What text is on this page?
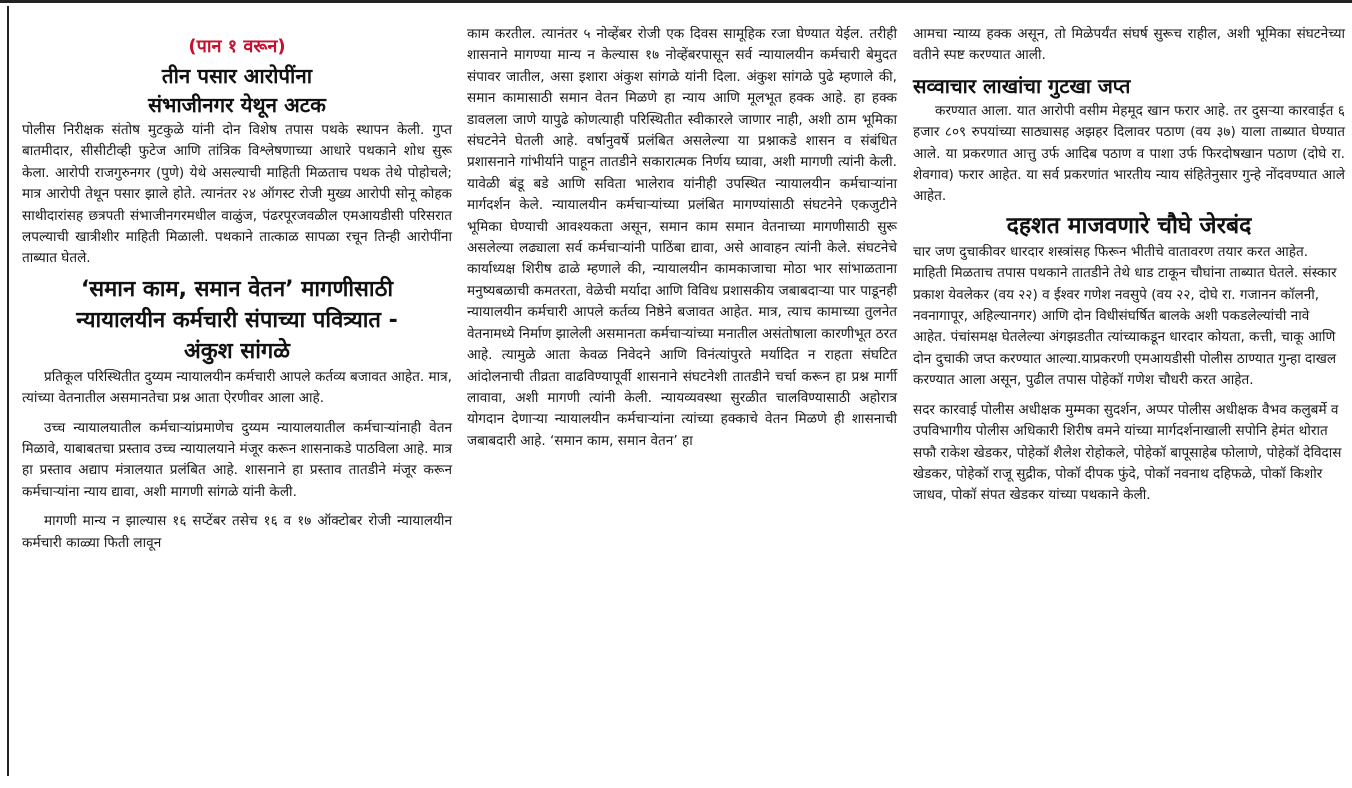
(पान १ वरून)
तीन पसार आरोपींना
संभाजीनगर येथून अटक

पोलीस निरीक्षक संतोष मुटकुळे यांनी दोन विशेष तपास पथके स्थापन केली. गुप्त बातमीदार, सीसीटीव्ही फुटेज आणि तांत्रिक विश्लेषणाच्या आधारे पथकाने शोध सुरू केला. आरोपी राजगुरुनगर (पुणे) येथे असल्याची माहिती मिळताच पथक तेथे पोहोचले; मात्र आरोपी तेथून पसार झाले होते. त्यानंतर २४ ऑगस्ट रोजी मुख्य आरोपी सोनू कोहक साथीदारांसह छत्रपती संभाजीनगरमधील वाळुंज, पंढरपूरजवळील एमआयडीसी परिसरात लपल्याची खात्रीशीर माहिती मिळाली. पथकाने तात्काळ सापळा रचून तिन्ही आरोपींना ताब्यात घेतले.

‘समान काम, समान वेतन’ मागणीसाठी
न्यायालयीन कर्मचारी संपाच्या पवित्र्यात -
अंकुश सांगळे

प्रतिकूल परिस्थितीत दुय्यम न्यायालयीन कर्मचारी आपले कर्तव्य बजावत आहेत. मात्र, त्यांच्या वेतनातील असमानतेचा प्रश्न आता ऐरणीवर आला आहे.

उच्च न्यायालयातील कर्मचाऱ्यांप्रमाणेच दुय्यम न्यायालयातील कर्मचाऱ्यांनाही वेतन मिळावे, याबाबतचा प्रस्ताव उच्च न्यायालयाने मंजूर करून शासनाकडे पाठविला आहे. मात्र हा प्रस्ताव अद्याप मंत्रालयात प्रलंबित आहे. शासनाने हा प्रस्ताव तातडीने मंजूर करून कर्मचाऱ्यांना न्याय द्यावा, अशी मागणी सांगळे यांनी केली.

मागणी मान्य न झाल्यास १६ सप्टेंबर तसेच १६ व १७ ऑक्टोबर रोजी न्यायालयीन कर्मचारी काळ्या फिती लावून

काम करतील. त्यानंतर ५ नोव्हेंबर रोजी एक दिवस सामूहिक रजा घेण्यात येईल. तरीही शासनाने मागण्या मान्य न केल्यास १७ नोव्हेंबरपासून सर्व न्यायालयीन कर्मचारी बेमुदत संपावर जातील, असा इशारा अंकुश सांगळे यांनी दिला. अंकुश सांगळे पुढे म्हणाले की, समान कामासाठी समान वेतन मिळणे हा न्याय आणि मूलभूत हक्क आहे. हा हक्क डावलला जाणे यापुढे कोणत्याही परिस्थितीत स्वीकारले जाणार नाही, अशी ठाम भूमिका संघटनेने घेतली आहे. वर्षानुवर्षे प्रलंबित असलेल्या या प्रश्नाकडे शासन व संबंधित प्रशासनाने गांभीर्याने पाहून तातडीने सकारात्मक निर्णय घ्यावा, अशी मागणी त्यांनी केली. यावेळी बंडू बडे आणि सविता भालेराव यांनीही उपस्थित न्यायालयीन कर्मचाऱ्यांना मार्गदर्शन केले. न्यायालयीन कर्मचाऱ्यांच्या प्रलंबित मागण्यांसाठी संघटनेने एकजुटीने भूमिका घेण्याची आवश्यकता असून, समान काम समान वेतनाच्या मागणीसाठी सुरू असलेल्या लढ्याला सर्व कर्मचाऱ्यांनी पाठिंबा द्यावा, असे आवाहन त्यांनी केले. संघटनेचे कार्याध्यक्ष शिरीष ढाळे म्हणाले की, न्यायालयीन कामकाजाचा मोठा भार सांभाळताना मनुष्यबळाची कमतरता, वेळेची मर्यादा आणि विविध प्रशासकीय जबाबदाऱ्या पार पाडूनही न्यायालयीन कर्मचारी आपले कर्तव्य निष्ठेने बजावत आहेत. मात्र, त्याच कामाच्या तुलनेत वेतनामध्ये निर्माण झालेली असमानता कर्मचाऱ्यांच्या मनातील असंतोषाला कारणीभूत ठरत आहे. त्यामुळे आता केवळ निवेदने आणि विनंत्यांपुरते मर्यादित न राहता संघटित आंदोलनाची तीव्रता वाढविण्यापूर्वी शासनाने संघटनेशी तातडीने चर्चा करून हा प्रश्न मार्गी लावावा, अशी मागणी त्यांनी केली. न्यायव्यवस्था सुरळीत चालविण्यासाठी अहोरात्र योगदान देणाऱ्या न्यायालयीन कर्मचाऱ्यांना त्यांच्या हक्काचे वेतन मिळणे ही शासनाची जबाबदारी आहे. ‘समान काम, समान वेतन’ हा

आमचा न्याय्य हक्क असून, तो मिळेपर्यंत संघर्ष सुरूच राहील, अशी भूमिका संघटनेच्या वतीने स्पष्ट करण्यात आली.

सव्वाचार लाखांचा गुटखा जप्त

करण्यात आला. यात आरोपी वसीम मेहमूद खान फरार आहे. तर दुसऱ्या कारवाईत ६ हजार ८०९ रुपयांच्या साठ्यासह अझहर दिलावर पठाण (वय ३७) याला ताब्यात घेण्यात आले. या प्रकरणात आत्तु उर्फ आदिब पठाण व पाशा उर्फ फिरदोषखान पठाण (दोघे रा. शेवगाव) फरार आहेत. या सर्व प्रकरणांत भारतीय न्याय संहितेनुसार गुन्हे नोंदवण्यात आले आहेत.

दहशत माजवणारे चौघे जेरबंद

चार जण दुचाकीवर धारदार शस्त्रांसह फिरून भीतीचे वातावरण तयार करत आहेत. माहिती मिळताच तपास पथकाने तातडीने तेथे धाड टाकून चौघांना ताब्यात घेतले. संस्कार प्रकाश येवलेकर (वय २२) व ईश्वर गणेश नवसुपे (वय २२, दोघे रा. गजानन कॉलनी, नवनागापूर, अहिल्यानगर) आणि दोन विधीसंघर्षित बालके अशी पकडलेल्यांची नावे आहेत. पंचांसमक्ष घेतलेल्या अंगझडतीत त्यांच्याकडून धारदार कोयता, कत्ती, चाकू आणि दोन दुचाकी जप्त करण्यात आल्या.याप्रकरणी एमआयडीसी पोलीस ठाण्यात गुन्हा दाखल करण्यात आला असून, पुढील तपास पोहेकॉ गणेश चौधरी करत आहेत.

सदर कारवाई पोलीस अधीक्षक मुम्मका सुदर्शन, अप्पर पोलीस अधीक्षक वैभव कलुबर्मे व उपविभागीय पोलीस अधिकारी शिरीष वमने यांच्या मार्गदर्शनाखाली सपोनि हेमंत थोरात सफौ राकेश खेडकर, पोहेकॉ शैलेश रोहोकले, पोहेकॉ बापूसाहेब फोलाणे, पोहेकॉ देविदास खेडकर, पोहेकॉ राजू सुद्रीक, पोकॉ दीपक फुंदे, पोकॉ नवनाथ दहिफळे, पोकॉ किशोर जाधव, पोकॉ संपत खेडकर यांच्या पथकाने केली.
